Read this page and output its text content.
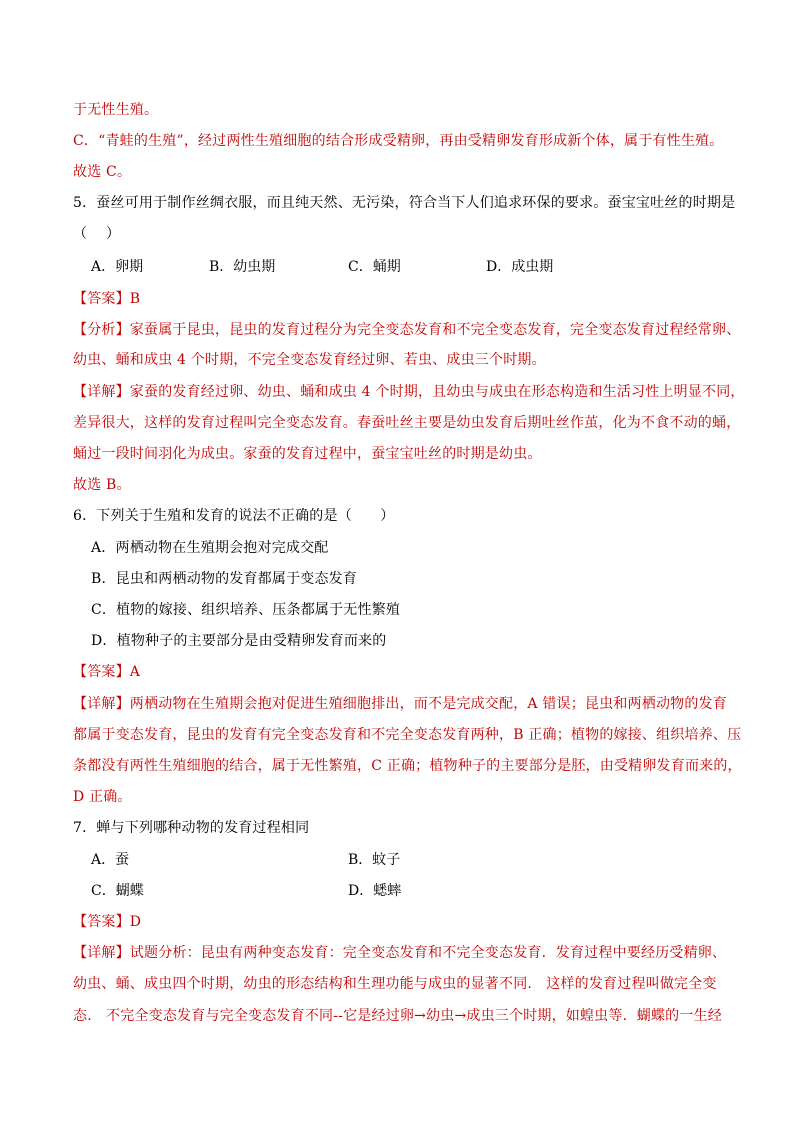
于无性生殖。
C．“青蛙的生殖”，经过两性生殖细胞的结合形成受精卵，再由受精卵发育形成新个体，属于有性生殖。
故选 C。
5．蚕丝可用于制作丝绸衣服，而且纯天然、无污染，符合当下人们追求环保的要求。蚕宝宝吐丝的时期是
（　 ）
A．卵期	B．幼虫期	C．蛹期	D．成虫期
【答案】B
【分析】家蚕属于昆虫，昆虫的发育过程分为完全变态发育和不完全变态发育，完全变态发育过程经常卵、
幼虫、蛹和成虫 4 个时期，不完全变态发育经过卵、若虫、成虫三个时期。
【详解】家蚕的发育经过卵、幼虫、蛹和成虫 4 个时期，且幼虫与成虫在形态构造和生活习性上明显不同，
差异很大，这样的发育过程叫完全变态发育。春蚕吐丝主要是幼虫发育后期吐丝作茧，化为不食不动的蛹，
蛹过一段时间羽化为成虫。家蚕的发育过程中，蚕宝宝吐丝的时期是幼虫。
故选 B。
6．下列关于生殖和发育的说法不正确的是（　　）
A．两栖动物在生殖期会抱对完成交配
B．昆虫和两栖动物的发育都属于变态发育
C．植物的嫁接、组织培养、压条都属于无性繁殖
D．植物种子的主要部分是由受精卵发育而来的
【答案】A
【详解】两栖动物在生殖期会抱对促进生殖细胞排出，而不是完成交配，A 错误；昆虫和两栖动物的发育
都属于变态发育，昆虫的发育有完全变态发育和不完全变态发育两种，B 正确；植物的嫁接、组织培养、压
条都没有两性生殖细胞的结合，属于无性繁殖，C 正确；植物种子的主要部分是胚，由受精卵发育而来的，
D 正确。
7．蝉与下列哪种动物的发育过程相同
A．蚕	B．蚊子
C．蝴蝶	D．蟋蟀
【答案】D
【详解】试题分析：昆虫有两种变态发育：完全变态发育和不完全变态发育．发育过程中要经历受精卵、
幼虫、蛹、成虫四个时期，幼虫的形态结构和生理功能与成虫的显著不同.　这样的发育过程叫做完全变
态.　不完全变态发育与完全变态发育不同--它是经过卵→幼虫→成虫三个时期，如蝗虫等．蝴蝶的一生经
